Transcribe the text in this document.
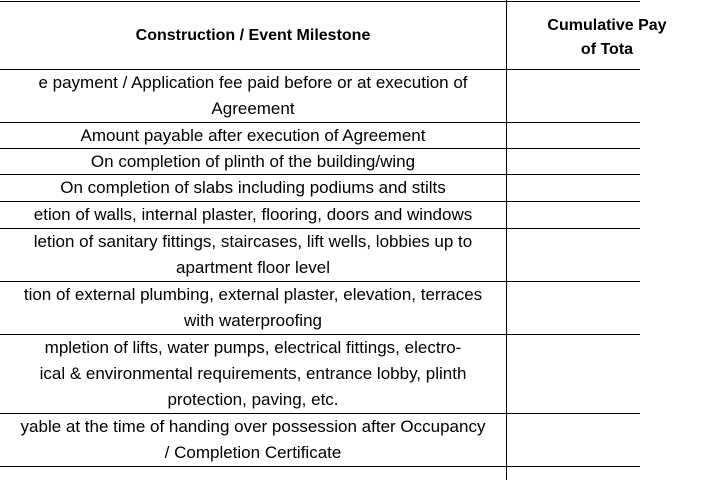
Construction / Event Milestone
Cumulative Pay
of Tota
e payment / Application fee paid before or at execution of
Agreement
Amount payable after execution of Agreement
On completion of plinth of the building/wing
On completion of slabs including podiums and stilts
etion of walls, internal plaster, flooring, doors and windows
letion of sanitary fittings, staircases, lift wells, lobbies up to
apartment floor level
tion of external plumbing, external plaster, elevation, terraces
with waterproofing
mpletion of lifts, water pumps, electrical fittings, electro-
ical & environmental requirements, entrance lobby, plinth
protection, paving, etc.
yable at the time of handing over possession after Occupancy
/ Completion Certificate
